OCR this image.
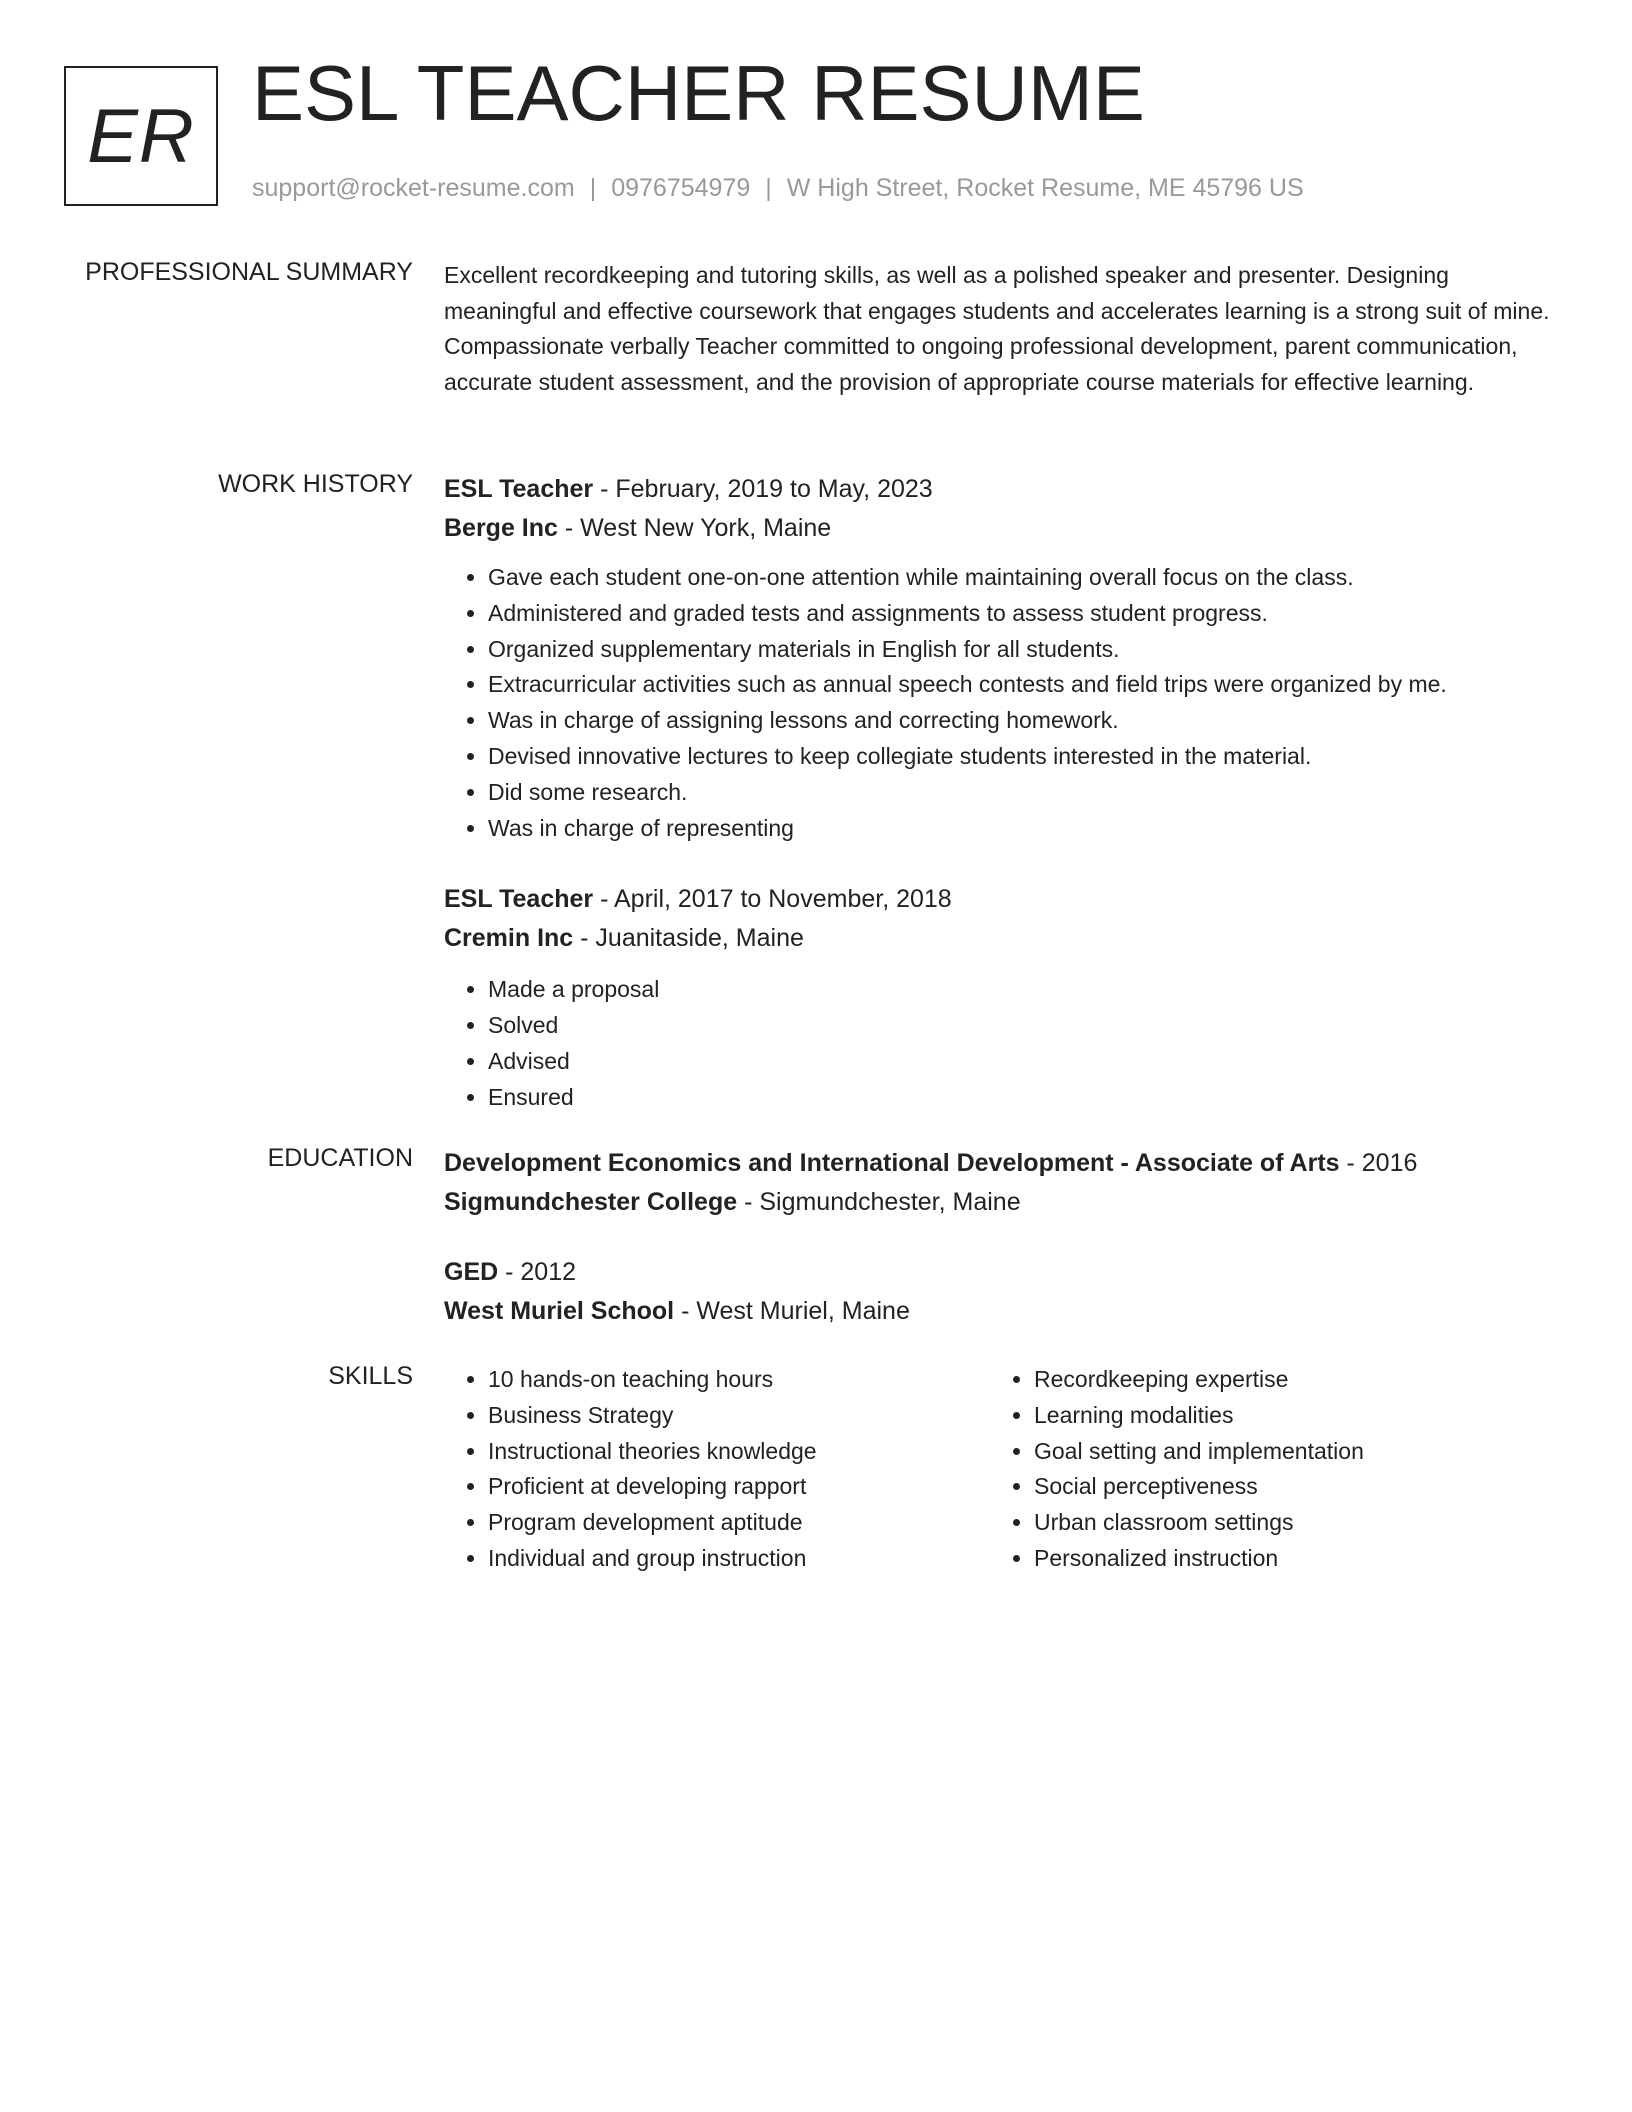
ER ESL TEACHER RESUME
support@rocket-resume.com | 0976754979 | W High Street, Rocket Resume, ME 45796 US
PROFESSIONAL SUMMARY Excellent recordkeeping and tutoring skills, as well as a polished speaker and presenter. Designing meaningful and effective coursework that engages students and accelerates learning is a strong suit of mine. Compassionate verbally Teacher committed to ongoing professional development, parent communication, accurate student assessment, and the provision of appropriate course materials for effective learning.

WORK HISTORY ESL Teacher - February, 2019 to May, 2023
Berge Inc - West New York, Maine
• Gave each student one-on-one attention while maintaining overall focus on the class.
• Administered and graded tests and assignments to assess student progress.
• Organized supplementary materials in English for all students.
• Extracurricular activities such as annual speech contests and field trips were organized by me.
• Was in charge of assigning lessons and correcting homework.
• Devised innovative lectures to keep collegiate students interested in the material.
• Did some research.
• Was in charge of representing
ESL Teacher - April, 2017 to November, 2018
Cremin Inc - Juanitaside, Maine
• Made a proposal
• Solved
• Advised
• Ensured
EDUCATION Development Economics and International Development - Associate of Arts - 2016
Sigmundchester College - Sigmundchester, Maine
GED - 2012
West Muriel School - West Muriel, Maine
SKILLS
•	10 hands-on teaching hours
• Business Strategy
• Instructional theories knowledge
• Proficient at developing rapport
• Program development aptitude
• Individual and group instruction
• Recordkeeping expertise
• Learning modalities
• Goal setting and implementation
• Social perceptiveness
• Urban classroom settings
• Personalized instruction
